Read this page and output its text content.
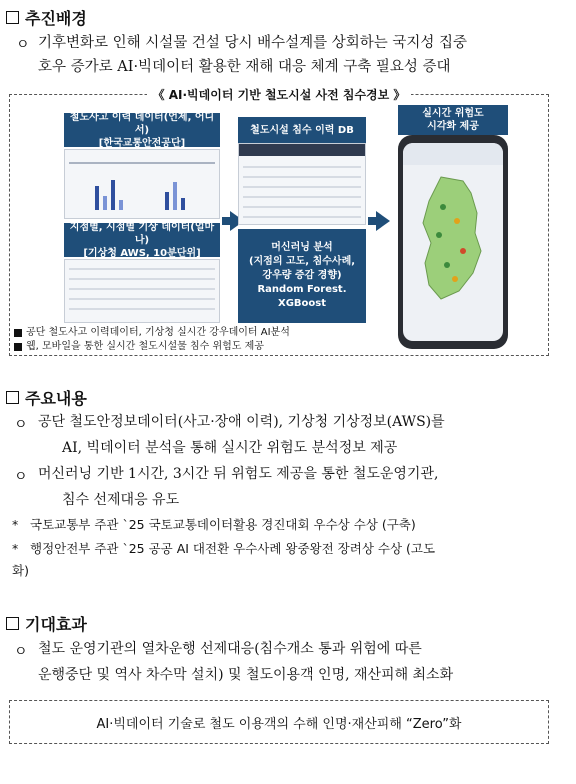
추진배경
ㅇ 기후변화로 인해 시설물 건설 당시 배수설계를 상회하는 국지성 집중
호우 증가로 AI·빅데이터 활용한 재해 대응 체계 구축 필요성 증대
《 AI·빅데이터 기반 철도시설 사전 침수경보 》
철도사고 이력 데이터(언제, 어디서)
[한국교통안전공단]
지점별, 시점별 기상 데이터(얼마나)
[기상청 AWS, 10분단위]
철도시설 침수 이력 DB
머신러닝 분석
(지점의 고도, 침수사례,
강우량 증감 경향)
Random Forest.
XGBoost
실시간 위험도
시각화 제공
공단 철도사고 이력데이터, 기상청 실시간 강우데이터 AI분석
웹, 모바일을 통한 실시간 철도시설물 침수 위험도 제공
주요내용
ㅇ 공단 철도안정보데이터(사고·장애 이력), 기상청 기상정보(AWS)를
AI, 빅데이터 분석을 통해 실시간 위험도 분석정보 제공
ㅇ 머신러닝 기반 1시간, 3시간 뒤 위험도 제공을 통한 철도운영기관,
침수 선제대응 유도
* 국토교통부 주관 `25 국토교통데이터활용 경진대회 우수상 수상 (구축)
* 행정안전부 주관 `25 공공 AI 대전환 우수사례 왕중왕전 장려상 수상 (고도
화)
기대효과
ㅇ 철도 운영기관의 열차운행 선제대응(침수개소 통과 위험에 따른
운행중단 및 역사 차수막 설치) 및 철도이용객 인명, 재산피해 최소화
AI·빅데이터 기술로 철도 이용객의 수해 인명·재산피해 “Zero”화
